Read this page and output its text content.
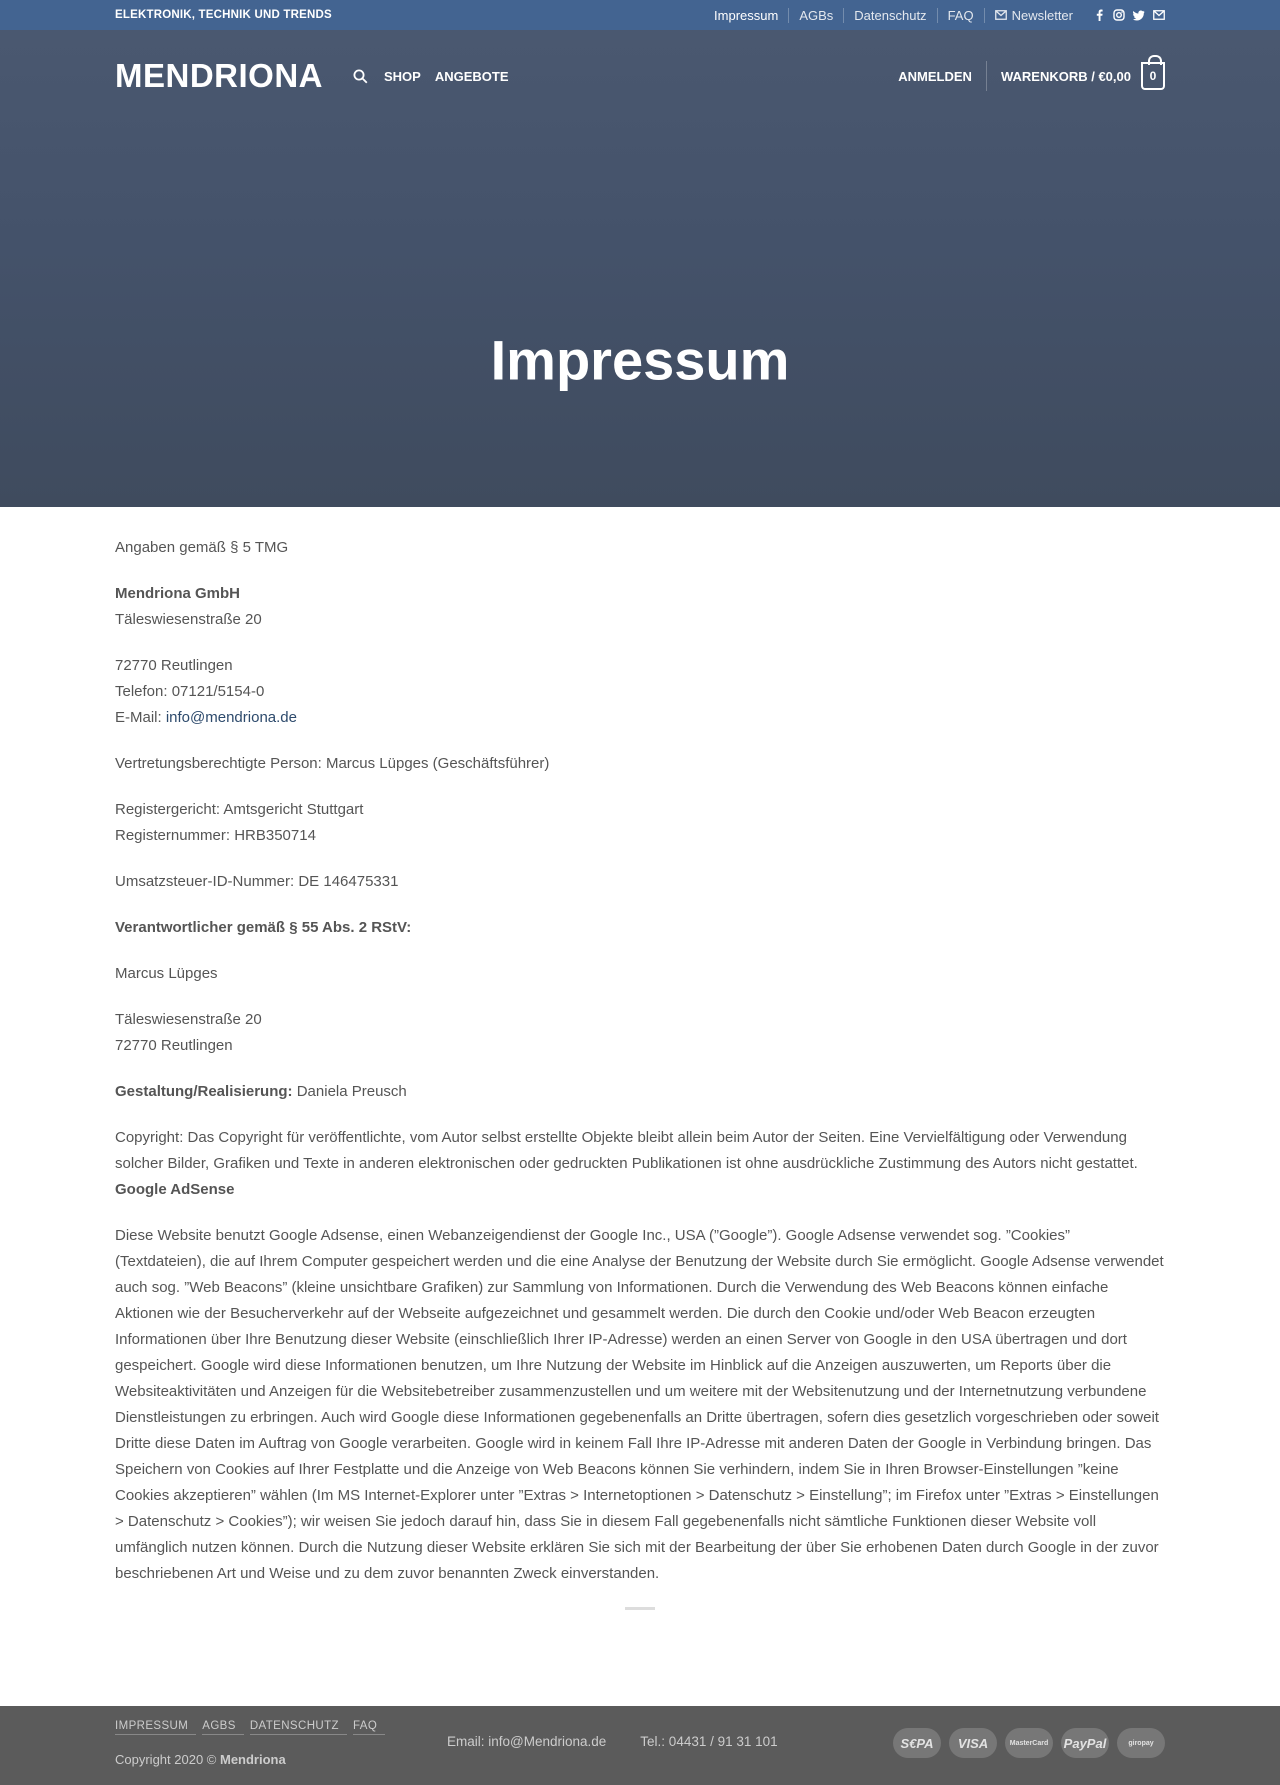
ELEKTRONIK, TECHNIK UND TRENDS	Impressum	AGBs	Datenschutz	FAQ	Newsletter
MENDRIONA	SHOP ANGEBOTE	ANMELDEN	WARENKORB / €0,00 0
Impressum

Angaben gemäß § 5 TMG

Mendriona GmbH
Täleswiesenstraße 20

72770 Reutlingen
Telefon: 07121/5154-0
E-Mail: info@mendriona.de

Vertretungsberechtigte Person: Marcus Lüpges (Geschäftsführer)

Registergericht: Amtsgericht Stuttgart
Registernummer: HRB350714

Umsatzsteuer-ID-Nummer: DE 146475331

Verantwortlicher gemäß § 55 Abs. 2 RStV:

Marcus Lüpges

Täleswiesenstraße 20
72770 Reutlingen

Gestaltung/Realisierung: Daniela Preusch

Copyright: Das Copyright für veröffentlichte, vom Autor selbst erstellte Objekte bleibt allein beim Autor der Seiten. Eine Vervielfältigung oder Verwendung solcher Bilder, Grafiken und Texte in anderen elektronischen oder gedruckten Publikationen ist ohne ausdrückliche Zustimmung des Autors nicht gestattet.
Google AdSense

Diese Website benutzt Google Adsense, einen Webanzeigendienst der Google Inc., USA (”Google”). Google Adsense verwendet sog. ”Cookies” (Textdateien), die auf Ihrem Computer gespeichert werden und die eine Analyse der Benutzung der Website durch Sie ermöglicht. Google Adsense verwendet auch sog. ”Web Beacons” (kleine unsichtbare Grafiken) zur Sammlung von Informationen. Durch die Verwendung des Web Beacons können einfache Aktionen wie der Besucherverkehr auf der Webseite aufgezeichnet und gesammelt werden. Die durch den Cookie und/oder Web Beacon erzeugten Informationen über Ihre Benutzung dieser Website (einschließlich Ihrer IP-Adresse) werden an einen Server von Google in den USA übertragen und dort gespeichert. Google wird diese Informationen benutzen, um Ihre Nutzung der Website im Hinblick auf die Anzeigen auszuwerten, um Reports über die Websiteaktivitäten und Anzeigen für die Websitebetreiber zusammenzustellen und um weitere mit der Websitenutzung und der Internetnutzung verbundene Dienstleistungen zu erbringen. Auch wird Google diese Informationen gegebenenfalls an Dritte übertragen, sofern dies gesetzlich vorgeschrieben oder soweit Dritte diese Daten im Auftrag von Google verarbeiten. Google wird in keinem Fall Ihre IP-Adresse mit anderen Daten der Google in Verbindung bringen. Das Speichern von Cookies auf Ihrer Festplatte und die Anzeige von Web Beacons können Sie verhindern, indem Sie in Ihren Browser-Einstellungen ”keine Cookies akzeptieren” wählen (Im MS Internet-Explorer unter ”Extras > Internetoptionen > Datenschutz > Einstellung”; im Firefox unter ”Extras > Einstellungen > Datenschutz > Cookies”); wir weisen Sie jedoch darauf hin, dass Sie in diesem Fall gegebenenfalls nicht sämtliche Funktionen dieser Website voll umfänglich nutzen können. Durch die Nutzung dieser Website erklären Sie sich mit der Bearbeitung der über Sie erhobenen Daten durch Google in der zuvor beschriebenen Art und Weise und zu dem zuvor benannten Zweck einverstanden.

IMPRESSUM	AGBS	DATENSCHUTZ	FAQ
Copyright 2020 © Mendriona
Email: info@Mendriona.de	Tel.: 04431 / 91 31 101	S€PA	VISA	MasterCard	PayPal	giropay
